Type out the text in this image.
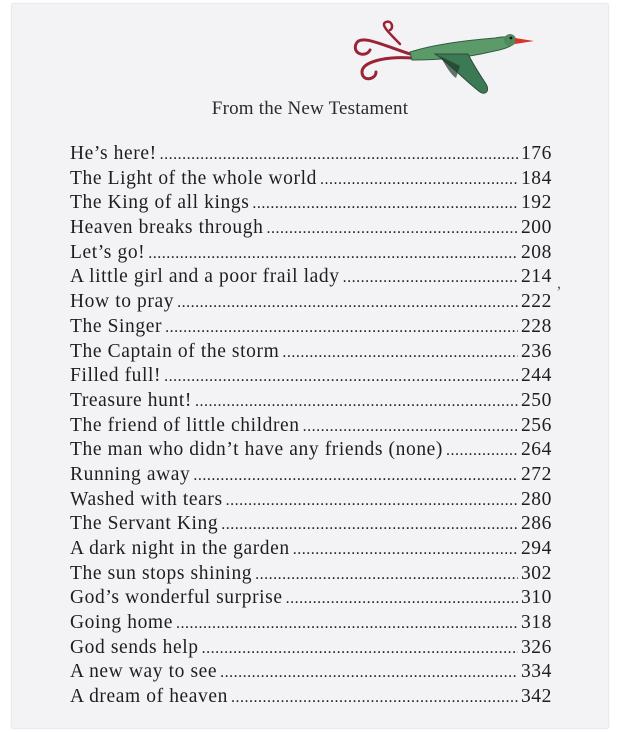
From the New Testament
He’s here! .....	176
The Light of the whole world .....	184
The King of all kings .....	192
Heaven breaks through .....	200
Let’s go! .....	208
A little girl and a poor frail lady .....	214
How to pray .....	222
The Singer .....	228
The Captain of the storm .....	236
Filled full! .....	244
Treasure hunt! .....	250
The friend of little children .....	256
The man who didn’t have any friends (none) .....	264
Running away .....	272
Washed with tears .....	280
The Servant King .....	286
A dark night in the garden .....	294
The sun stops shining .....	302
God’s wonderful surprise .....	310
Going home .....	318
God sends help .....	326
A new way to see .....	334
A dream of heaven .....	342
,
